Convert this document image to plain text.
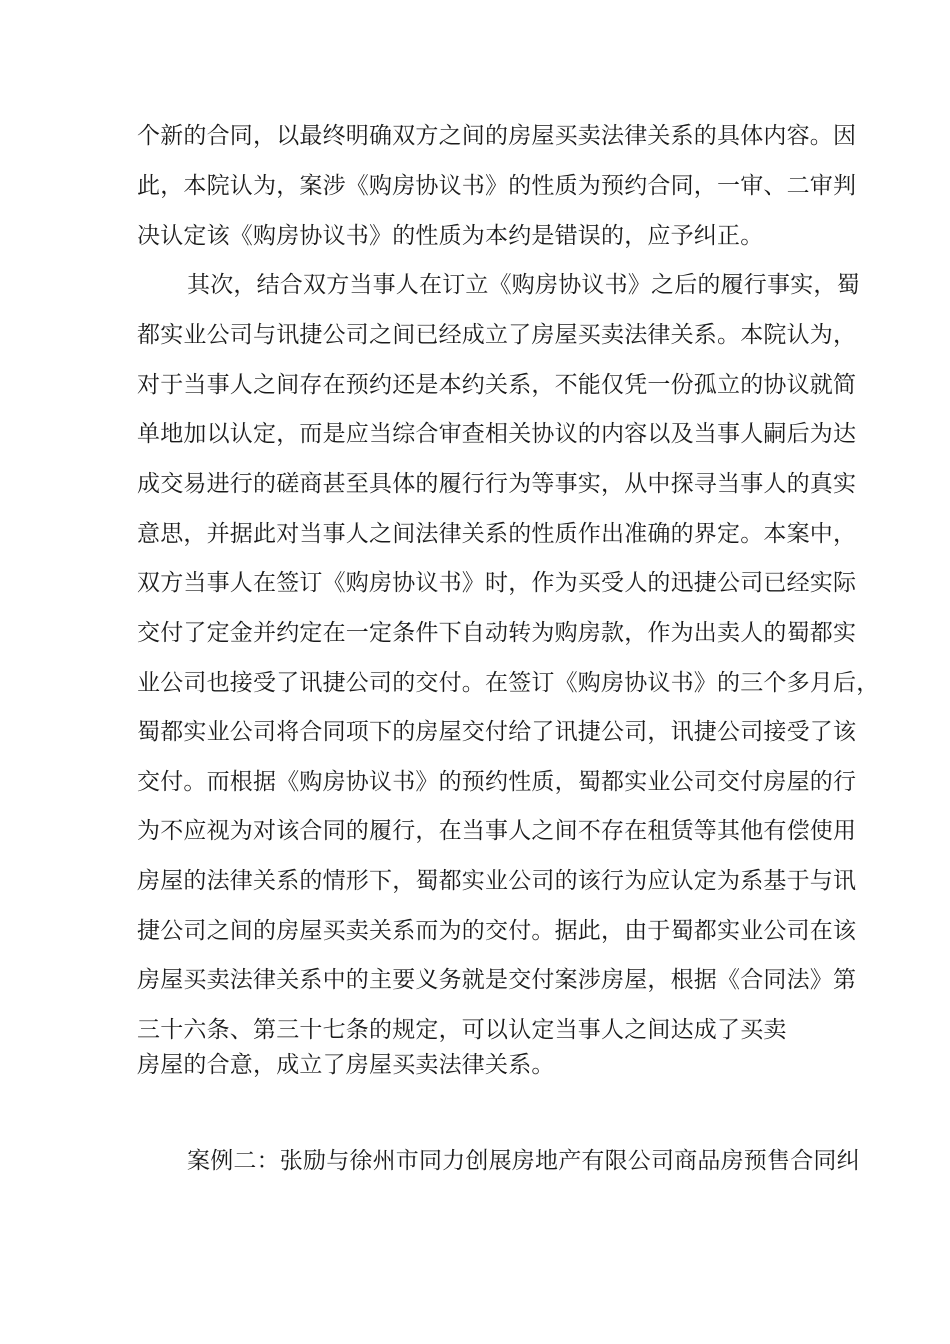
个新的合同，以最终明确双方之间的房屋买卖法律关系的具体内容。因

此，本院认为，案涉《购房协议书》的性质为预约合同，一审、二审判

决认定该《购房协议书》的性质为本约是错误的，应予纠正。

其次，结合双方当事人在订立《购房协议书》之后的履行事实，蜀

都实业公司与讯捷公司之间已经成立了房屋买卖法律关系。本院认为，

对于当事人之间存在预约还是本约关系，不能仅凭一份孤立的协议就简

单地加以认定，而是应当综合审查相关协议的内容以及当事人嗣后为达

成交易进行的磋商甚至具体的履行行为等事实，从中探寻当事人的真实

意思，并据此对当事人之间法律关系的性质作出准确的界定。本案中，

双方当事人在签订《购房协议书》时，作为买受人的迅捷公司已经实际

交付了定金并约定在一定条件下自动转为购房款，作为出卖人的蜀都实

业公司也接受了讯捷公司的交付。在签订《购房协议书》的三个多月后，

蜀都实业公司将合同项下的房屋交付给了讯捷公司，讯捷公司接受了该

交付。而根据《购房协议书》的预约性质，蜀都实业公司交付房屋的行

为不应视为对该合同的履行，在当事人之间不存在租赁等其他有偿使用

房屋的法律关系的情形下，蜀都实业公司的该行为应认定为系基于与讯

捷公司之间的房屋买卖关系而为的交付。据此，由于蜀都实业公司在该

房屋买卖法律关系中的主要义务就是交付案涉房屋，根据《合同法》第

三十六条、第三十七条的规定，可以认定当事人之间达成了买卖

房屋的合意，成立了房屋买卖法律关系。

案例二：张励与徐州市同力创展房地产有限公司商品房预售合同纠
